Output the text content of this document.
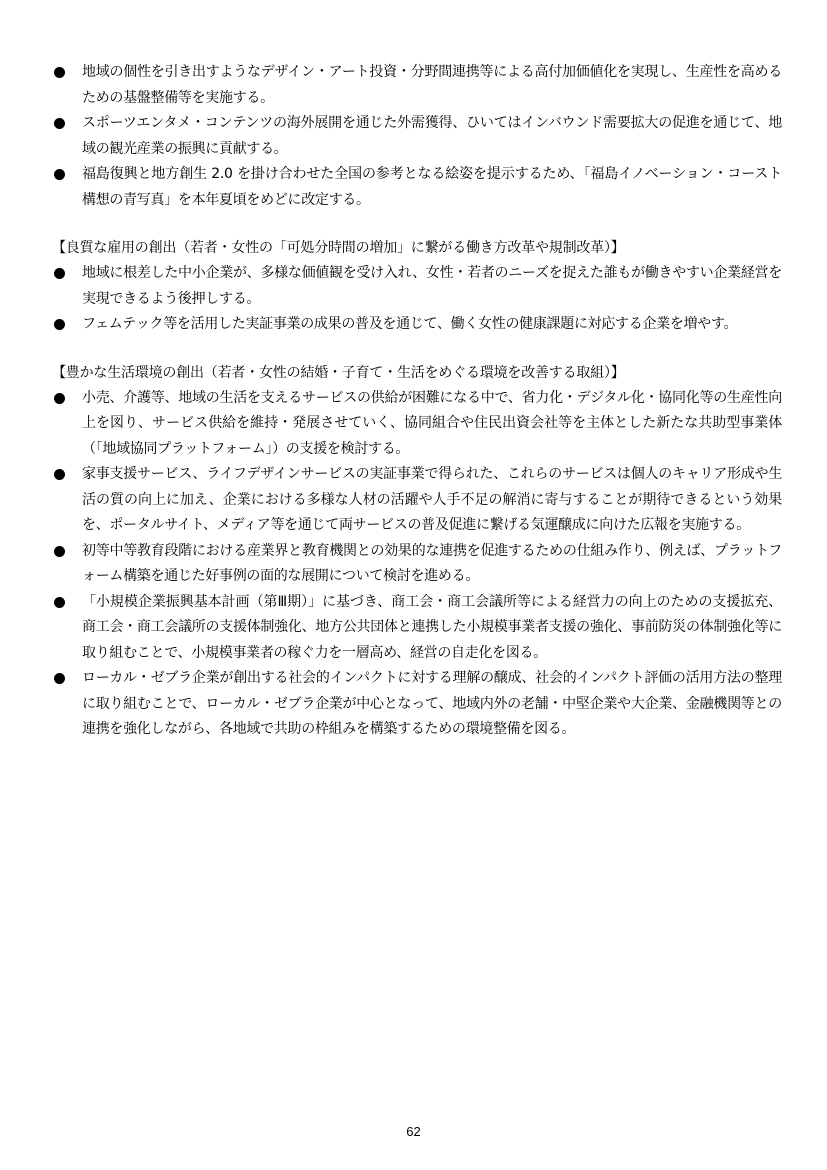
地域の個性を引き出すようなデザイン・アート投資・分野間連携等による高付加価値化を実現し、生産性を高めるための基盤整備等を実施する。
スポーツエンタメ・コンテンツの海外展開を通じた外需獲得、ひいてはインバウンド需要拡大の促進を通じて、地域の観光産業の振興に貢献する。
福島復興と地方創生 2.0 を掛け合わせた全国の参考となる絵姿を提示するため、「福島イノベーション・コースト構想の青写真」を本年夏頃をめどに改定する。
【良質な雇用の創出（若者・女性の「可処分時間の増加」に繋がる働き方改革や規制改革）】
地域に根差した中小企業が、多様な価値観を受け入れ、女性・若者のニーズを捉えた誰もが働きやすい企業経営を実現できるよう後押しする。
フェムテック等を活用した実証事業の成果の普及を通じて、働く女性の健康課題に対応する企業を増やす。
【豊かな生活環境の創出（若者・女性の結婚・子育て・生活をめぐる環境を改善する取組）】
小売、介護等、地域の生活を支えるサービスの供給が困難になる中で、省力化・デジタル化・協同化等の生産性向上を図り、サービス供給を維持・発展させていく、協同組合や住民出資会社等を主体とした新たな共助型事業体（「地域協同プラットフォーム」）の支援を検討する。
家事支援サービス、ライフデザインサービスの実証事業で得られた、これらのサービスは個人のキャリア形成や生活の質の向上に加え、企業における多様な人材の活躍や人手不足の解消に寄与することが期待できるという効果を、ポータルサイト、メディア等を通じて両サービスの普及促進に繋げる気運醸成に向けた広報を実施する。
初等中等教育段階における産業界と教育機関との効果的な連携を促進するための仕組み作り、例えば、プラットフォーム構築を通じた好事例の面的な展開について検討を進める。
「小規模企業振興基本計画（第Ⅲ期）」に基づき、商工会・商工会議所等による経営力の向上のための支援拡充、商工会・商工会議所の支援体制強化、地方公共団体と連携した小規模事業者支援の強化、事前防災の体制強化等に取り組むことで、小規模事業者の稼ぐ力を一層高め、経営の自走化を図る。
ローカル・ゼブラ企業が創出する社会的インパクトに対する理解の醸成、社会的インパクト評価の活用方法の整理に取り組むことで、ローカル・ゼブラ企業が中心となって、地域内外の老舗・中堅企業や大企業、金融機関等との連携を強化しながら、各地域で共助の枠組みを構築するための環境整備を図る。
62
